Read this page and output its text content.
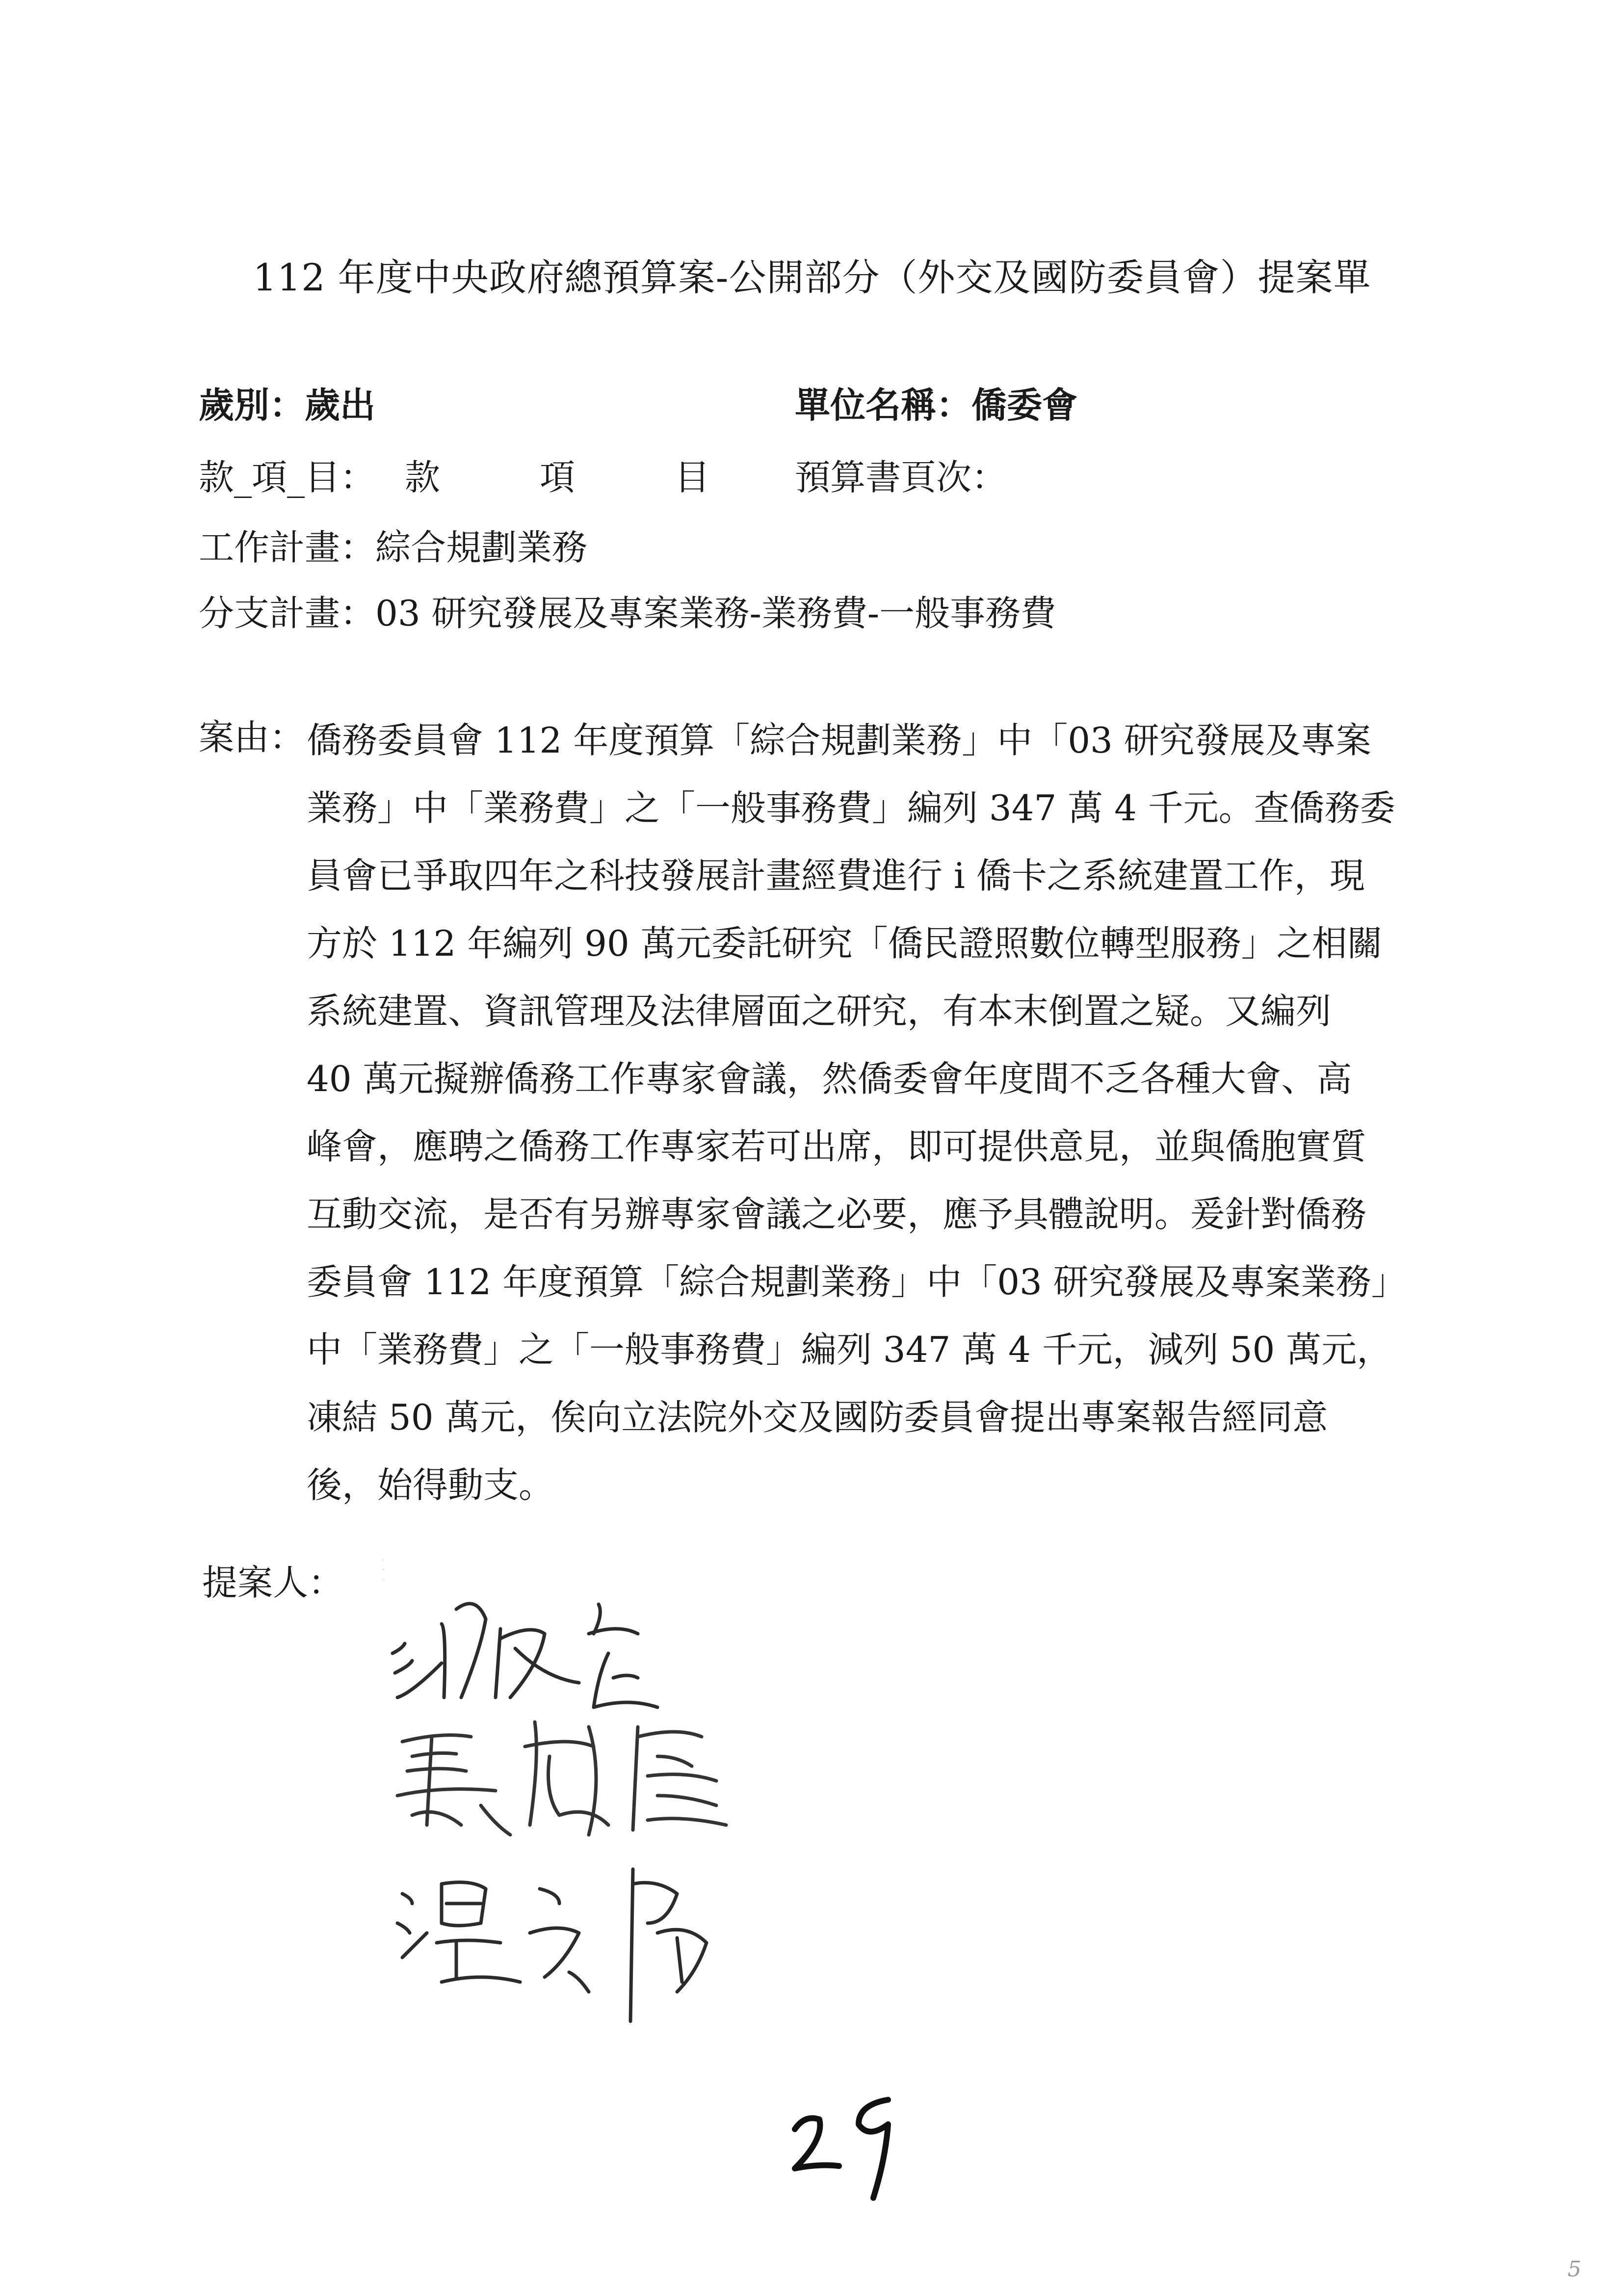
112 年度中央政府總預算案-公開部分（外交及國防委員會）提案單
歲別：歲出	單位名稱：僑委會
款_項_目： 款 項 目 預算書頁次：
工作計畫：綜合規劃業務
分支計畫：03 研究發展及專案業務-業務費-一般事務費
案由： 僑務委員會 112 年度預算「綜合規劃業務」中「03 研究發展及專案
業務」中「業務費」之「一般事務費」編列 347 萬 4 千元。查僑務委
員會已爭取四年之科技發展計畫經費進行 i 僑卡之系統建置工作，現
方於 112 年編列 90 萬元委託研究「僑民證照數位轉型服務」之相關
系統建置、資訊管理及法律層面之研究，有本末倒置之疑。又編列
40 萬元擬辦僑務工作專家會議，然僑委會年度間不乏各種大會、高
峰會，應聘之僑務工作專家若可出席，即可提供意見，並與僑胞實質
互動交流，是否有另辦專家會議之必要，應予具體說明。爰針對僑務
委員會 112 年度預算「綜合規劃業務」中「03 研究發展及專案業務」
中「業務費」之「一般事務費」編列 347 萬 4 千元，減列 50 萬元，
凍結 50 萬元，俟向立法院外交及國防委員會提出專案報告經同意
後，始得動支。
提案人：
29
5
